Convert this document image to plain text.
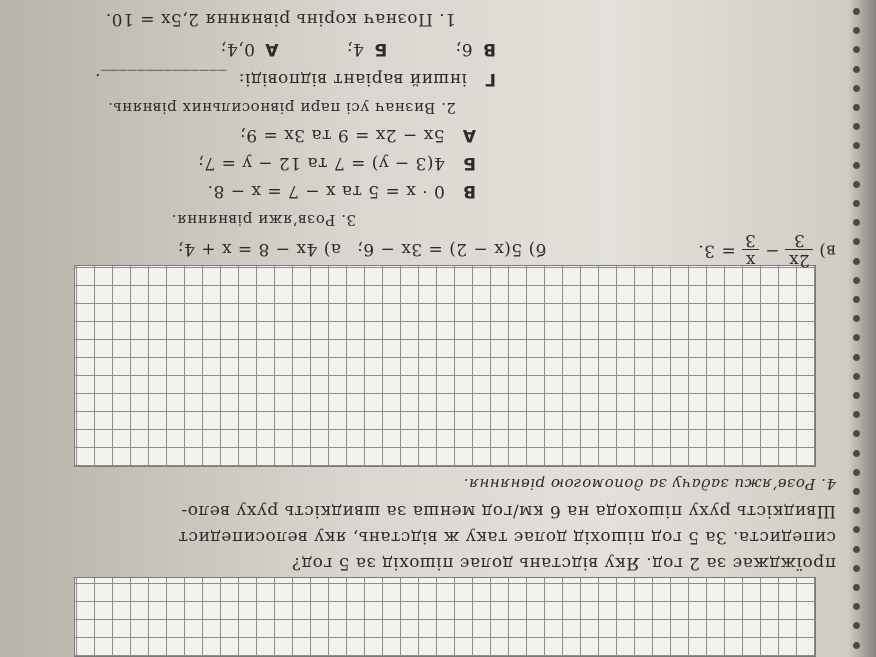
проїжджає за 2 год. Яку відстань долає пішохід за 5 год?
сипедиста. За 5 год пішохід долає таку ж відстань, яку велосипедист
Швидкість руху пішохода на 6 км/год менша за швидкість руху вело-
4. Розв’яжи задачу за допомогою рівняння.
в)
2x
3
−
x
3
= 3.
б) 5(x − 2) = 3x − 6;
а) 4x − 8 = x + 4;
3. Розв’яжи рівняння.
В   0 · x = 5 та x − 7 = x − 8.
Б   4(3 − y) = 7 та 12 − y = 7;
А   5x − 2x = 9 та 3x = 9;
2. Визнач усі пари рівносильних рівнянь.
Г   інший варіант відповіді:  ______________.
В 6;  Б 4;  А 0,4;
1. Познач корінь рівняння 2,5x = 10.
